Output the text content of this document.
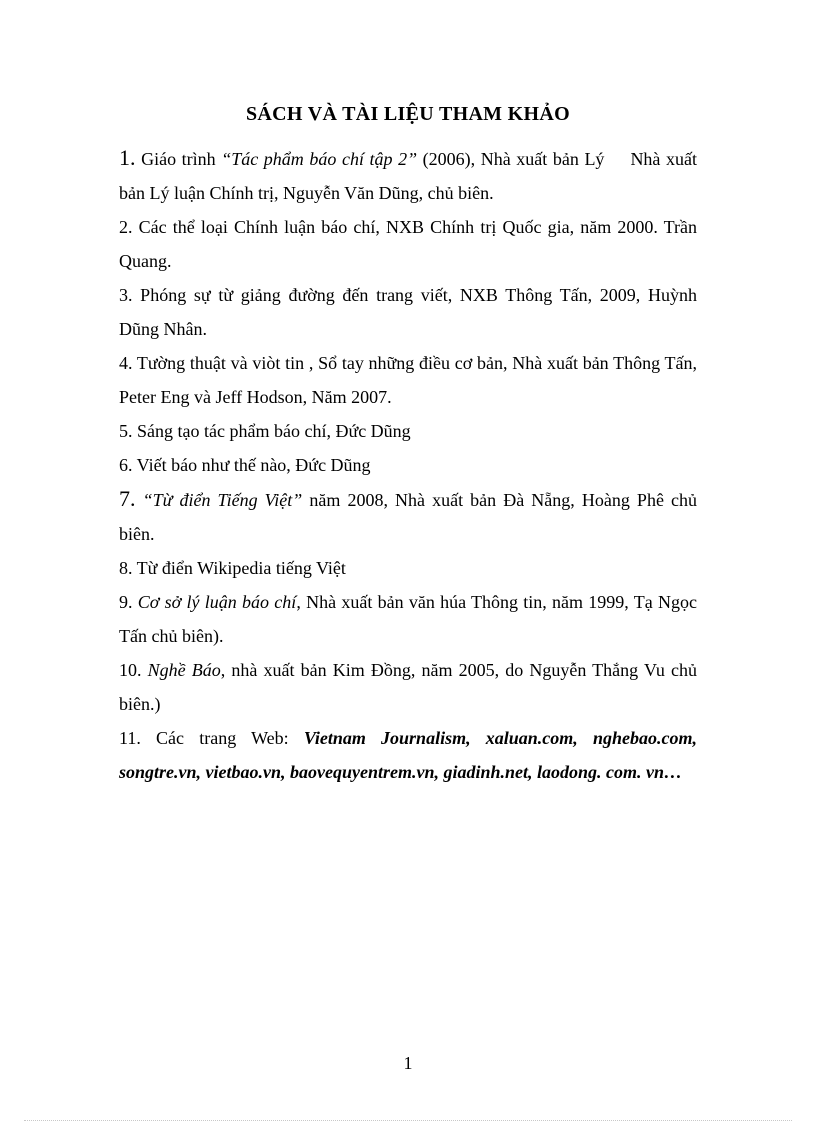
SÁCH VÀ TÀI LIỆU THAM KHẢO
1. Giáo trình “Tác phẩm báo chí tập 2” (2006), Nhà xuất bản Lý Nhà xuất bản Lý luận Chính trị, Nguyễn Văn Dũng, chủ biên.
2. Các thể loại Chính luận báo chí, NXB Chính trị Quốc gia, năm 2000. Trần Quang.
3. Phóng sự từ giảng đường đến trang viết, NXB Thông Tấn, 2009, Huỳnh Dũng Nhân.
4. Tường thuật và viòt tin , Sổ tay những điều cơ bản, Nhà xuất bản Thông Tấn, Peter Eng và Jeff Hodson, Năm 2007.
5. Sáng tạo tác phẩm báo chí, Đức Dũng
6. Viết báo như thế nào, Đức Dũng
7. “Từ điển Tiếng Việt” năm 2008, Nhà xuất bản Đà Nẵng, Hoàng Phê chủ biên.
8. Từ điển Wikipedia tiếng Việt
9. Cơ sở lý luận báo chí, Nhà xuất bản văn húa Thông tin, năm 1999, Tạ Ngọc Tấn chủ biên).
10. Nghề Báo, nhà xuất bản Kim Đồng, năm 2005, do Nguyễn Thắng Vu chủ biên.)
11. Các trang Web: Vietnam Journalism, xaluan.com, nghebao.com, songtre.vn, vietbao.vn, baovequyentrem.vn, giadinh.net, laodong. com. vn…
1
